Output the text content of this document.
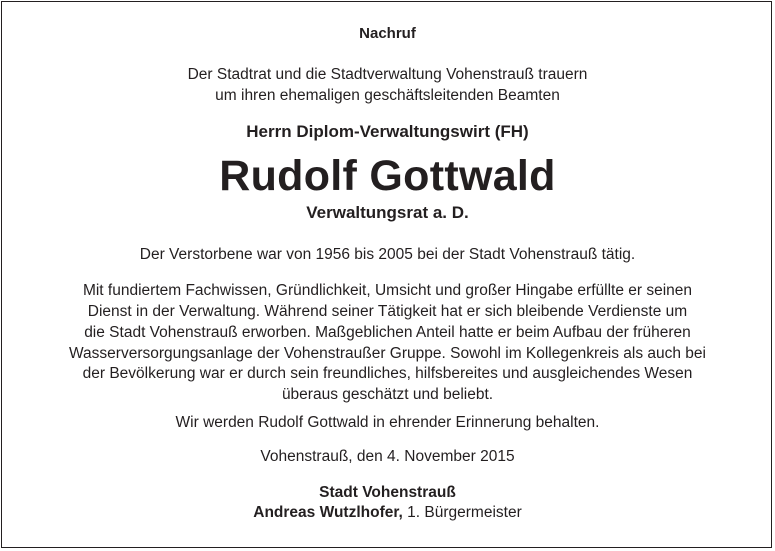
Nachruf
Der Stadtrat und die Stadtverwaltung Vohenstrauß trauern
um ihren ehemaligen geschäftsleitenden Beamten
Herrn Diplom-Verwaltungswirt (FH)
Rudolf Gottwald
Verwaltungsrat a. D.
Der Verstorbene war von 1956 bis 2005 bei der Stadt Vohenstrauß tätig.
Mit fundiertem Fachwissen, Gründlichkeit, Umsicht und großer Hingabe erfüllte er seinen
Dienst in der Verwaltung. Während seiner Tätigkeit hat er sich bleibende Verdienste um
die Stadt Vohenstrauß erworben. Maßgeblichen Anteil hatte er beim Aufbau der früheren
Wasserversorgungsanlage der Vohenstraußer Gruppe. Sowohl im Kollegenkreis als auch bei
der Bevölkerung war er durch sein freundliches, hilfsbereites und ausgleichendes Wesen
überaus geschätzt und beliebt.
Wir werden Rudolf Gottwald in ehrender Erinnerung behalten.
Vohenstrauß, den 4. November 2015
Stadt Vohenstrauß
Andreas Wutzlhofer, 1. Bürgermeister
